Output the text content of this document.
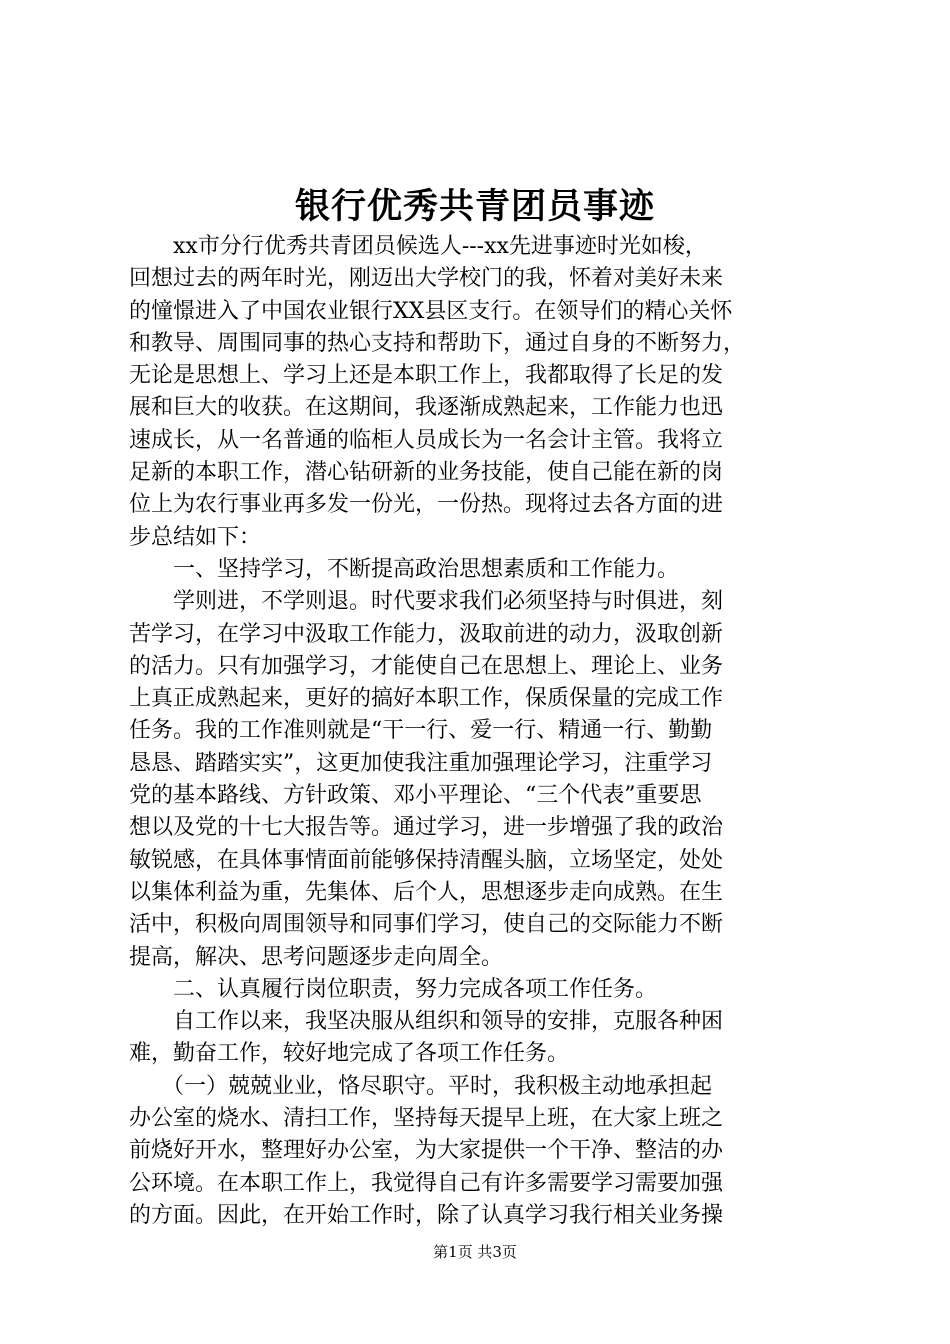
银行优秀共青团员事迹
　　xx市分行优秀共青团员候选人---xx先进事迹时光如梭，
回想过去的两年时光，刚迈出大学校门的我，怀着对美好未来
的憧憬进入了中国农业银行XX县区支行。在领导们的精心关怀
和教导、周围同事的热心支持和帮助下，通过自身的不断努力，
无论是思想上、学习上还是本职工作上，我都取得了长足的发
展和巨大的收获。在这期间，我逐渐成熟起来，工作能力也迅
速成长，从一名普通的临柜人员成长为一名会计主管。我将立
足新的本职工作，潜心钻研新的业务技能，使自己能在新的岗
位上为农行事业再多发一份光，一份热。现将过去各方面的进
步总结如下：
　　一、坚持学习，不断提高政治思想素质和工作能力。
　　学则进，不学则退。时代要求我们必须坚持与时俱进，刻
苦学习，在学习中汲取工作能力，汲取前进的动力，汲取创新
的活力。只有加强学习，才能使自己在思想上、理论上、业务
上真正成熟起来，更好的搞好本职工作，保质保量的完成工作
任务。我的工作准则就是“干一行、爱一行、精通一行、勤勤
恳恳、踏踏实实”，这更加使我注重加强理论学习，注重学习
党的基本路线、方针政策、邓小平理论、“三个代表”重要思
想以及党的十七大报告等。通过学习，进一步增强了我的政治
敏锐感，在具体事情面前能够保持清醒头脑，立场坚定，处处
以集体利益为重，先集体、后个人，思想逐步走向成熟。在生
活中，积极向周围领导和同事们学习，使自己的交际能力不断
提高，解决、思考问题逐步走向周全。
　　二、认真履行岗位职责，努力完成各项工作任务。
　　自工作以来，我坚决服从组织和领导的安排，克服各种困
难，勤奋工作，较好地完成了各项工作任务。
　　（一）兢兢业业，恪尽职守。平时，我积极主动地承担起
办公室的烧水、清扫工作，坚持每天提早上班，在大家上班之
前烧好开水，整理好办公室，为大家提供一个干净、整洁的办
公环境。在本职工作上，我觉得自己有许多需要学习需要加强
的方面。因此，在开始工作时，除了认真学习我行相关业务操
第1页 共3页
